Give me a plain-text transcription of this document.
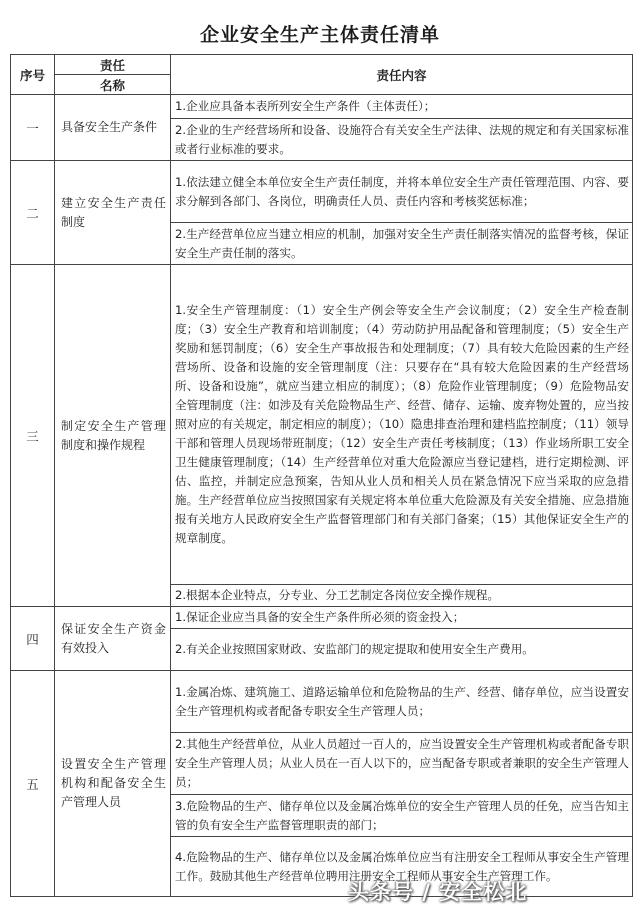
企业安全生产主体责任清单
序号	责任	责任内容
	名称	
一	具备安全生产条件	1.企业应具备本表所列安全生产条件（主体责任）；
		2.企业的生产经营场所和设备、设施符合有关安全生产法律、法规的规定和有关国家标准或者行业标准的要求。
二	建立安全生产责任制度	1.依法建立健全本单位安全生产责任制度，并将本单位安全生产责任管理范围、内容、要求分解到各部门、各岗位，明确责任人员、责任内容和考核奖惩标准；
		2.生产经营单位应当建立相应的机制，加强对安全生产责任制落实情况的监督考核，保证安全生产责任制的落实。
三	制定安全生产管理制度和操作规程	1.安全生产管理制度：（1）安全生产例会等安全生产会议制度；（2）安全生产检查制度；（3）安全生产教育和培训制度；（4）劳动防护用品配备和管理制度；（5）安全生产奖励和惩罚制度；（6）安全生产事故报告和处理制度；（7）具有较大危险因素的生产经营场所、设备和设施的安全管理制度（注：只要存在“具有较大危险因素的生产经营场所、设备和设施”，就应当建立相应的制度）；（8）危险作业管理制度；（9）危险物品安全管理制度（注：如涉及有关危险物品生产、经营、储存、运输、废弃物处置的，应当按照对应的有关规定，制定相应的制度）；（10）隐患排查治理和建档监控制度；（11）领导干部和管理人员现场带班制度；（12）安全生产责任考核制度；（13）作业场所职工安全卫生健康管理制度；（14）生产经营单位对重大危险源应当登记建档，进行定期检测、评估、监控，并制定应急预案，告知从业人员和相关人员在紧急情况下应当采取的应急措施。生产经营单位应当按照国家有关规定将本单位重大危险源及有关安全措施、应急措施报有关地方人民政府安全生产监督管理部门和有关部门备案；（15）其他保证安全生产的规章制度。
		2.根据本企业特点，分专业、分工艺制定各岗位安全操作规程。
四	保证安全生产资金有效投入	1.保证企业应当具备的安全生产条件所必须的资金投入；
		2.有关企业按照国家财政、安监部门的规定提取和使用安全生产费用。
五	设置安全生产管理机构和配备安全生产管理人员	1.金属冶炼、建筑施工、道路运输单位和危险物品的生产、经营、储存单位，应当设置安全生产管理机构或者配备专职安全生产管理人员；
		2.其他生产经营单位，从业人员超过一百人的，应当设置安全生产管理机构或者配备专职安全生产管理人员；从业人员在一百人以下的，应当配备专职或者兼职的安全生产管理人员；
		3.危险物品的生产、储存单位以及金属冶炼单位的安全生产管理人员的任免，应当告知主管的负有安全生产监督管理职责的部门；
		4.危险物品的生产、储存单位以及金属冶炼单位应当有注册安全工程师从事安全生产管理工作。鼓励其他生产经营单位聘用注册安全工程师从事安全生产管理工作。
头条号 / 安全松北
